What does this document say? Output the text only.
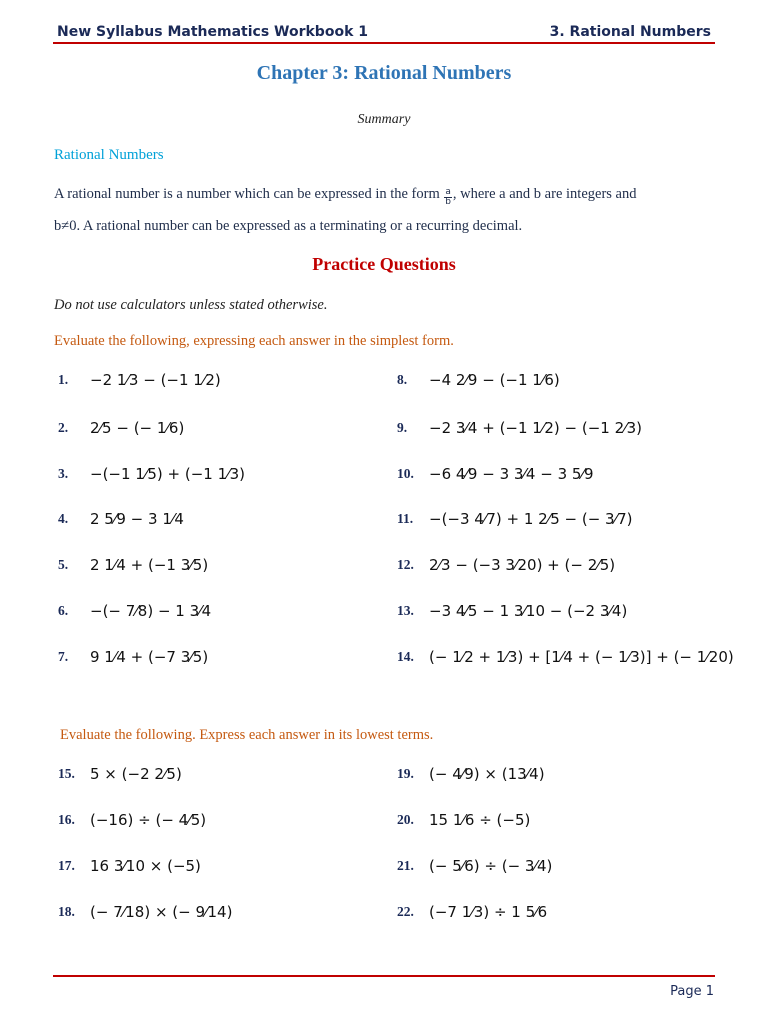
New Syllabus Mathematics Workbook 1	3. Rational Numbers
Chapter 3: Rational Numbers
Summary
Rational Numbers
A rational number is a number which can be expressed in the form $\frac{a}{b}$ , where a and b are integers and
b≠0. A rational number can be expressed as a terminating or a recurring decimal.
Practice Questions
Do not use calculators unless stated otherwise.
Evaluate the following, expressing each answer in the simplest form.
Evaluate the following. Express each answer in its lowest terms.
1.	−2 1⁄3 − (−1 1⁄2)
2.	2⁄5 − (− 1⁄6)
3.	−(−1 1⁄5) + (−1 1⁄3)
4.	2 5⁄9 − 3 1⁄4
5.	2 1⁄4 + (−1 3⁄5)
6.	−(− 7⁄8) − 1 3⁄4
7.	9 1⁄4 + (−7 3⁄5)
8.	−4 2⁄9 − (−1 1⁄6)
9.	−2 3⁄4 + (−1 1⁄2) − (−1 2⁄3)
10.	−6 4⁄9 − 3 3⁄4 − 3 5⁄9
11.	−(−3 4⁄7) + 1 2⁄5 − (− 3⁄7)
12.	2⁄3 − (−3 3⁄20) + (− 2⁄5)
13.	−3 4⁄5 − 1 3⁄10 − (−2 3⁄4)
14.	(− 1⁄2 + 1⁄3) + [1⁄4 + (− 1⁄3)] + (− 1⁄20)
15.	5 × (−2 2⁄5)
16.	(−16) ÷ (− 4⁄5)
17.	16 3⁄10 × (−5)
18.	(− 7⁄18) × (− 9⁄14)
19.	(− 4⁄9) × (13⁄4)
20.	15 1⁄6 ÷ (−5)
21.	(− 5⁄6) ÷ (− 3⁄4)
22.	(−7 1⁄3) ÷ 1 5⁄6
Page 1
